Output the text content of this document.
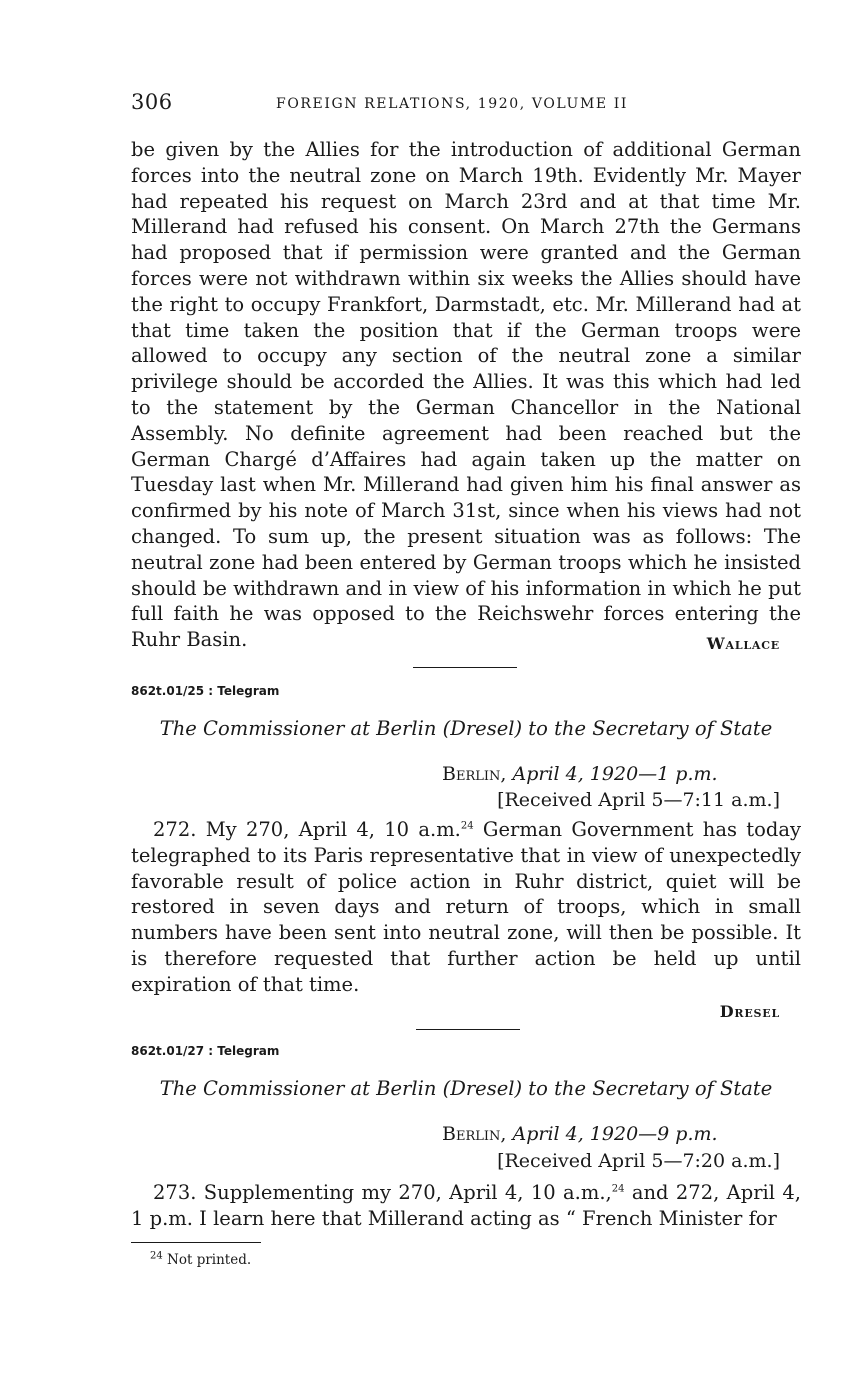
306	FOREIGN RELATIONS, 1920, VOLUME II

be given by the Allies for the introduction of additional German forces into the neutral zone on March 19th. Evidently Mr. Mayer had repeated his request on March 23rd and at that time Mr. Millerand had refused his consent. On March 27th the Germans had proposed that if permission were granted and the German forces were not withdrawn within six weeks the Allies should have the right to occupy Frankfort, Darmstadt, etc. Mr. Millerand had at that time taken the position that if the German troops were allowed to occupy any section of the neutral zone a similar privilege should be accorded the Allies. It was this which had led to the statement by the German Chancellor in the National Assembly. No definite agreement had been reached but the German Chargé d’Affaires had again taken up the matter on Tuesday last when Mr. Millerand had given him his final answer as confirmed by his note of March 31st, since when his views had not changed. To sum up, the present situation was as follows: The neutral zone had been entered by German troops which he insisted should be withdrawn and in view of his information in which he put full faith he was opposed to the Reichswehr forces entering the Ruhr Basin.	Wallace
862t.01/25 : Telegram
The Commissioner at Berlin (Dresel) to the Secretary of State
Berlin, April 4, 1920—1 p.m.
[Received April 5—7:11 a.m.]

272. My 270, April 4, 10 a.m.$^{24}$ German Government has today telegraphed to its Paris representative that in view of unexpectedly favorable result of police action in Ruhr district, quiet will be restored in seven days and return of troops, which in small numbers have been sent into neutral zone, will then be possible. It is therefore requested that further action be held up until expiration of that time.

Dresel
862t.01/27 : Telegram
The Commissioner at Berlin (Dresel) to the Secretary of State
Berlin, April 4, 1920—9 p.m.
[Received April 5—7:20 a.m.]

273. Supplementing my 270, April 4, 10 a.m.,$^{24}$ and 272, April 4, 1 p.m. I learn here that Millerand acting as “ French Minister for

$^{24}$ Not printed.
